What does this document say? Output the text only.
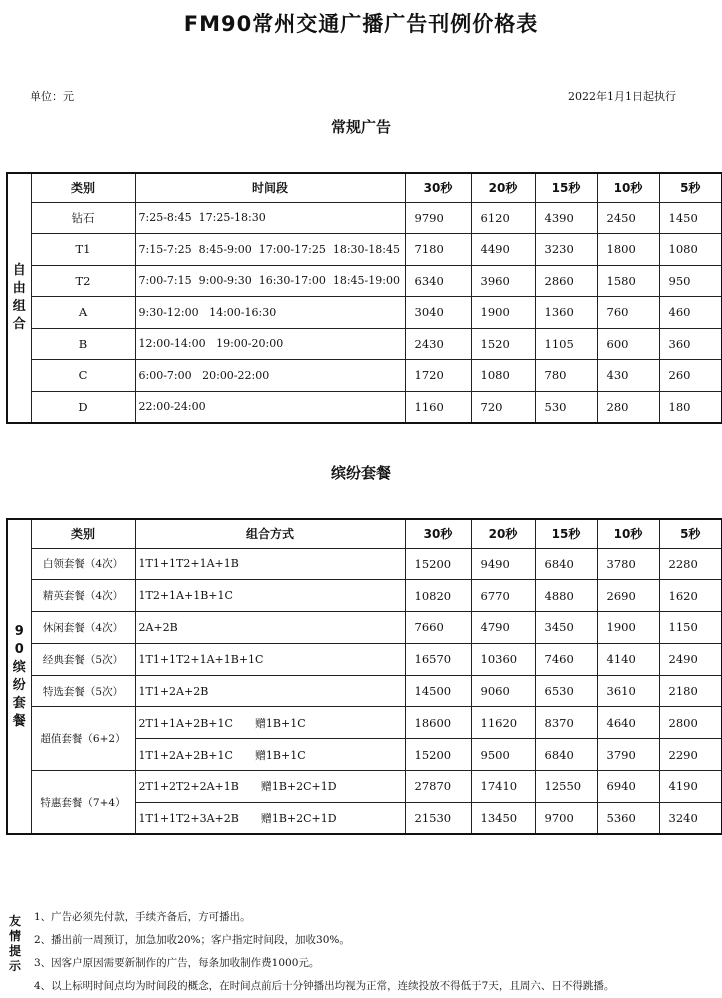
FM90常州交通广播广告刊例价格表
单位：元	2022年1月1日起执行
常规广告
自由组合	类别	时间段	30秒	20秒	15秒	10秒	5秒
	钻石	7:25-8:45  17:25-18:30	9790	6120	4390	2450	1450
	T1	7:15-7:25  8:45-9:00  17:00-17:25  18:30-18:45	7180	4490	3230	1800	1080
	T2	7:00-7:15  9:00-9:30  16:30-17:00  18:45-19:00	6340	3960	2860	1580	950
	A	9:30-12:00   14:00-16:30	3040	1900	1360	760	460
	B	12:00-14:00   19:00-20:00	2430	1520	1105	600	360
	C	6:00-7:00   20:00-22:00	1720	1080	780	430	260
	D	22:00-24:00	1160	720	530	280	180
缤纷套餐
90缤纷套餐	类别	组合方式	30秒	20秒	15秒	10秒	5秒
	白领套餐（4次）	1T1+1T2+1A+1B	15200	9490	6840	3780	2280
	精英套餐（4次）	1T2+1A+1B+1C	10820	6770	4880	2690	1620
	休闲套餐（4次）	2A+2B	7660	4790	3450	1900	1150
	经典套餐（5次）	1T1+1T2+1A+1B+1C	16570	10360	7460	4140	2490
	特选套餐（5次）	1T1+2A+2B	14500	9060	6530	3610	2180
	超值套餐（6+2）	2T1+1A+2B+1C 赠1B+1C	18600	11620	8370	4640	2800
		1T1+2A+2B+1C 赠1B+1C	15200	9500	6840	3790	2290
	特惠套餐（7+4）	2T1+2T2+2A+1B 赠1B+2C+1D	27870	17410	12550	6940	4190
		1T1+1T2+3A+2B 赠1B+2C+1D	21530	13450	9700	5360	3240
友情提示
1、广告必须先付款，手续齐备后，方可播出。
2、播出前一周预订，加急加收20%；客户指定时间段，加收30%。
3、因客户原因需要新制作的广告，每条加收制作费1000元。
4、以上标明时间点均为时间段的概念，在时间点前后十分钟播出均视为正常，连续投放不得低于7天，且周六、日不得跳播。
